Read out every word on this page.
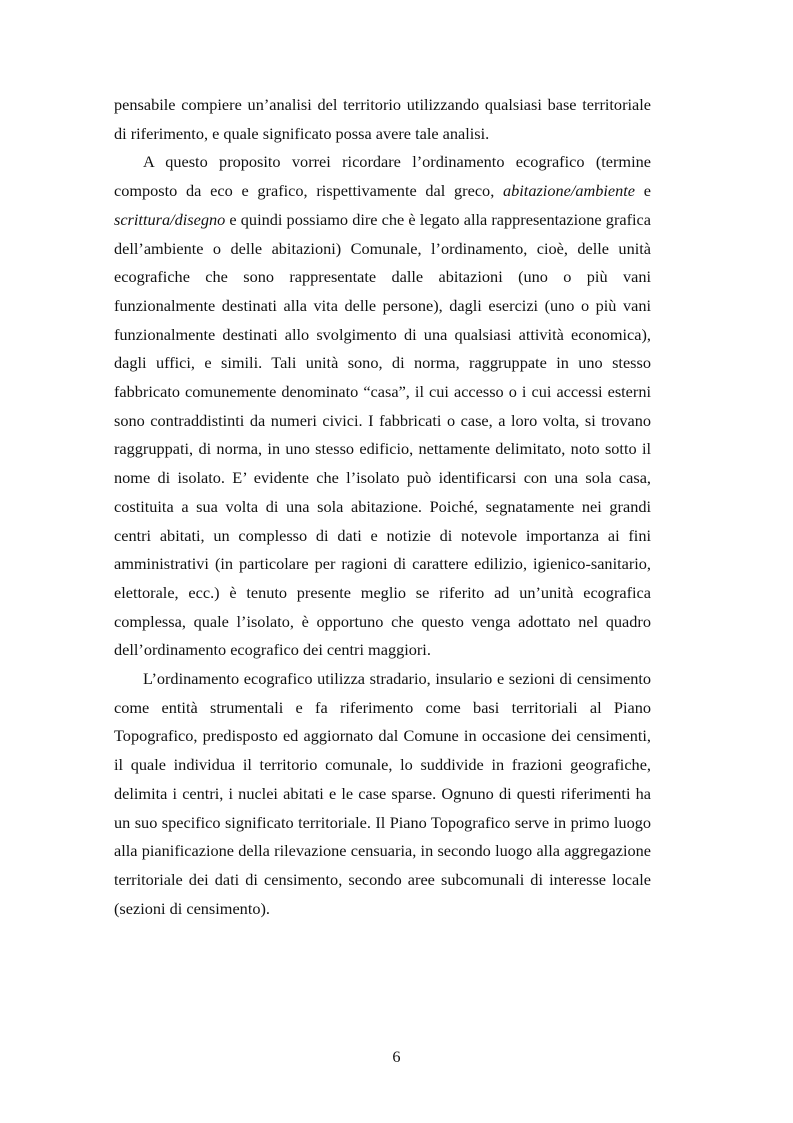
pensabile compiere un’analisi del territorio utilizzando qualsiasi base territoriale di riferimento, e quale significato possa avere tale analisi.

A questo proposito vorrei ricordare l’ordinamento ecografico (termine composto da eco e grafico, rispettivamente dal greco, abitazione/ambiente e scrittura/disegno e quindi possiamo dire che è legato alla rappresentazione grafica dell’ambiente o delle abitazioni) Comunale, l’ordinamento, cioè, delle unità ecografiche che sono rappresentate dalle abitazioni (uno o più vani funzionalmente destinati alla vita delle persone), dagli esercizi (uno o più vani funzionalmente destinati allo svolgimento di una qualsiasi attività economica), dagli uffici, e simili. Tali unità sono, di norma, raggruppate in uno stesso fabbricato comunemente denominato “casa”, il cui accesso o i cui accessi esterni sono contraddistinti da numeri civici. I fabbricati o case, a loro volta, si trovano raggruppati, di norma, in uno stesso edificio, nettamente delimitato, noto sotto il nome di isolato. E’ evidente che l’isolato può identificarsi con una sola casa, costituita a sua volta di una sola abitazione. Poiché, segnatamente nei grandi centri abitati, un complesso di dati e notizie di notevole importanza ai fini amministrativi (in particolare per ragioni di carattere edilizio, igienico-sanitario, elettorale, ecc.) è tenuto presente meglio se riferito ad un’unità ecografica complessa, quale l’isolato, è opportuno che questo venga adottato nel quadro dell’ordinamento ecografico dei centri maggiori.

L’ordinamento ecografico utilizza stradario, insulario e sezioni di censimento come entità strumentali e fa riferimento come basi territoriali al Piano Topografico, predisposto ed aggiornato dal Comune in occasione dei censimenti, il quale individua il territorio comunale, lo suddivide in frazioni geografiche, delimita i centri, i nuclei abitati e le case sparse. Ognuno di questi riferimenti ha un suo specifico significato territoriale. Il Piano Topografico serve in primo luogo alla pianificazione della rilevazione censuaria, in secondo luogo alla aggregazione territoriale dei dati di censimento, secondo aree subcomunali di interesse locale (sezioni di censimento).

6
